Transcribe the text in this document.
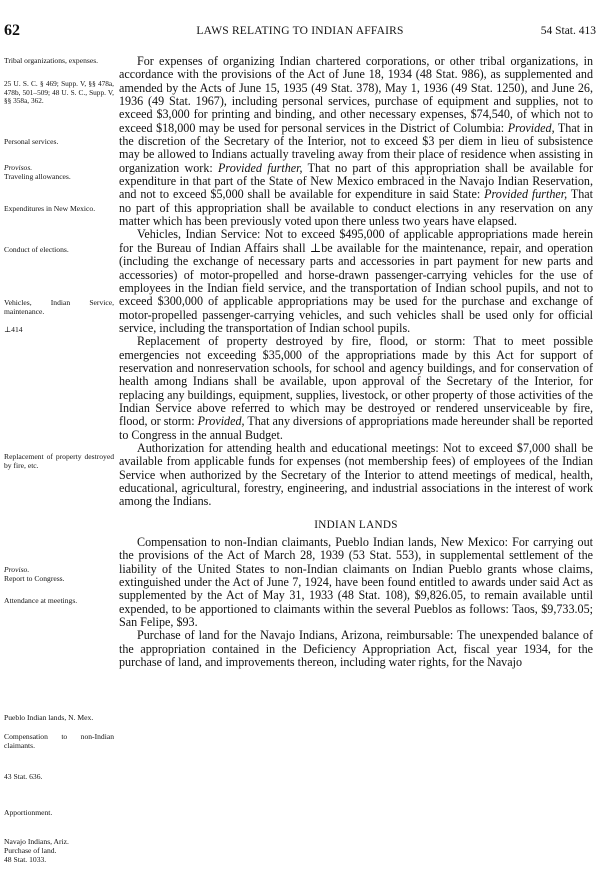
62	LAWS RELATING TO INDIAN AFFAIRS	54 Stat. 413
Tribal organizations, expenses.
25 U. S. C. § 469; Supp. V, §§ 478a, 478b, 501–509; 48 U. S. C., Supp. V, §§ 358a, 362.
Personal services.
Provisos.
Traveling allowances.
Expenditures in New Mexico.
Conduct of elections.
Vehicles, Indian Service, maintenance.
⊥414
Replacement of property destroyed by fire, etc.
Proviso.
Report to Congress.
Attendance at meetings.
Pueblo Indian lands, N. Mex.
Compensation to non-Indian claimants.
43 Stat. 636.
Apportionment.
Navajo Indians, Ariz.
Purchase of land.
48 Stat. 1033.

For expenses of organizing Indian chartered corporations, or other tribal organizations, in accordance with the provisions of the Act of June 18, 1934 (48 Stat. 986), as supplemented and amended by the Acts of June 15, 1935 (49 Stat. 378), May 1, 1936 (49 Stat. 1250), and June 26, 1936 (49 Stat. 1967), including personal services, purchase of equipment and supplies, not to exceed $3,000 for printing and binding, and other necessary expenses, $74,540, of which not to exceed $18,000 may be used for personal services in the District of Columbia: Provided, That in the discretion of the Secretary of the Interior, not to exceed $3 per diem in lieu of subsistence may be allowed to Indians actually traveling away from their place of residence when assisting in organization work: Provided further, That no part of this appropriation shall be available for expenditure in that part of the State of New Mexico embraced in the Navajo Indian Reservation, and not to exceed $5,000 shall be available for expenditure in said State: Provided further, That no part of this appropriation shall be available to conduct elections in any reservation on any matter which has been previously voted upon there unless two years have elapsed.

Vehicles, Indian Service: Not to exceed $495,000 of applicable appropriations made herein for the Bureau of Indian Affairs shall ⊥be available for the maintenance, repair, and operation (including the exchange of necessary parts and accessories in part payment for new parts and accessories) of motor-propelled and horse-drawn passenger-carrying vehicles for the use of employees in the Indian field service, and the transportation of Indian school pupils, and not to exceed $300,000 of applicable appropriations may be used for the purchase and exchange of motor-propelled passenger-carrying vehicles, and such vehicles shall be used only for official service, including the transportation of Indian school pupils.

Replacement of property destroyed by fire, flood, or storm: That to meet possible emergencies not exceeding $35,000 of the appropriations made by this Act for support of reservation and nonreservation schools, for school and agency buildings, and for conservation of health among Indians shall be available, upon approval of the Secretary of the Interior, for replacing any buildings, equipment, supplies, livestock, or other property of those activities of the Indian Service above referred to which may be destroyed or rendered unserviceable by fire, flood, or storm: Provided, That any diversions of appropriations made hereunder shall be reported to Congress in the annual Budget.

Authorization for attending health and educational meetings: Not to exceed $7,000 shall be available from applicable funds for expenses (not membership fees) of employees of the Indian Service when authorized by the Secretary of the Interior to attend meetings of medical, health, educational, agricultural, forestry, engineering, and industrial associations in the interest of work among the Indians.

INDIAN LANDS

Compensation to non-Indian claimants, Pueblo Indian lands, New Mexico: For carrying out the provisions of the Act of March 28, 1939 (53 Stat. 553), in supplemental settlement of the liability of the United States to non-Indian claimants on Indian Pueblo grants whose claims, extinguished under the Act of June 7, 1924, have been found entitled to awards under said Act as supplemented by the Act of May 31, 1933 (48 Stat. 108), $9,826.05, to remain available until expended, to be apportioned to claimants within the several Pueblos as follows: Taos, $9,733.05; San Felipe, $93.

Purchase of land for the Navajo Indians, Arizona, reimbursable: The unexpended balance of the appropriation contained in the Deficiency Appropriation Act, fiscal year 1934, for the purchase of land, and improvements thereon, including water rights, for the Navajo
